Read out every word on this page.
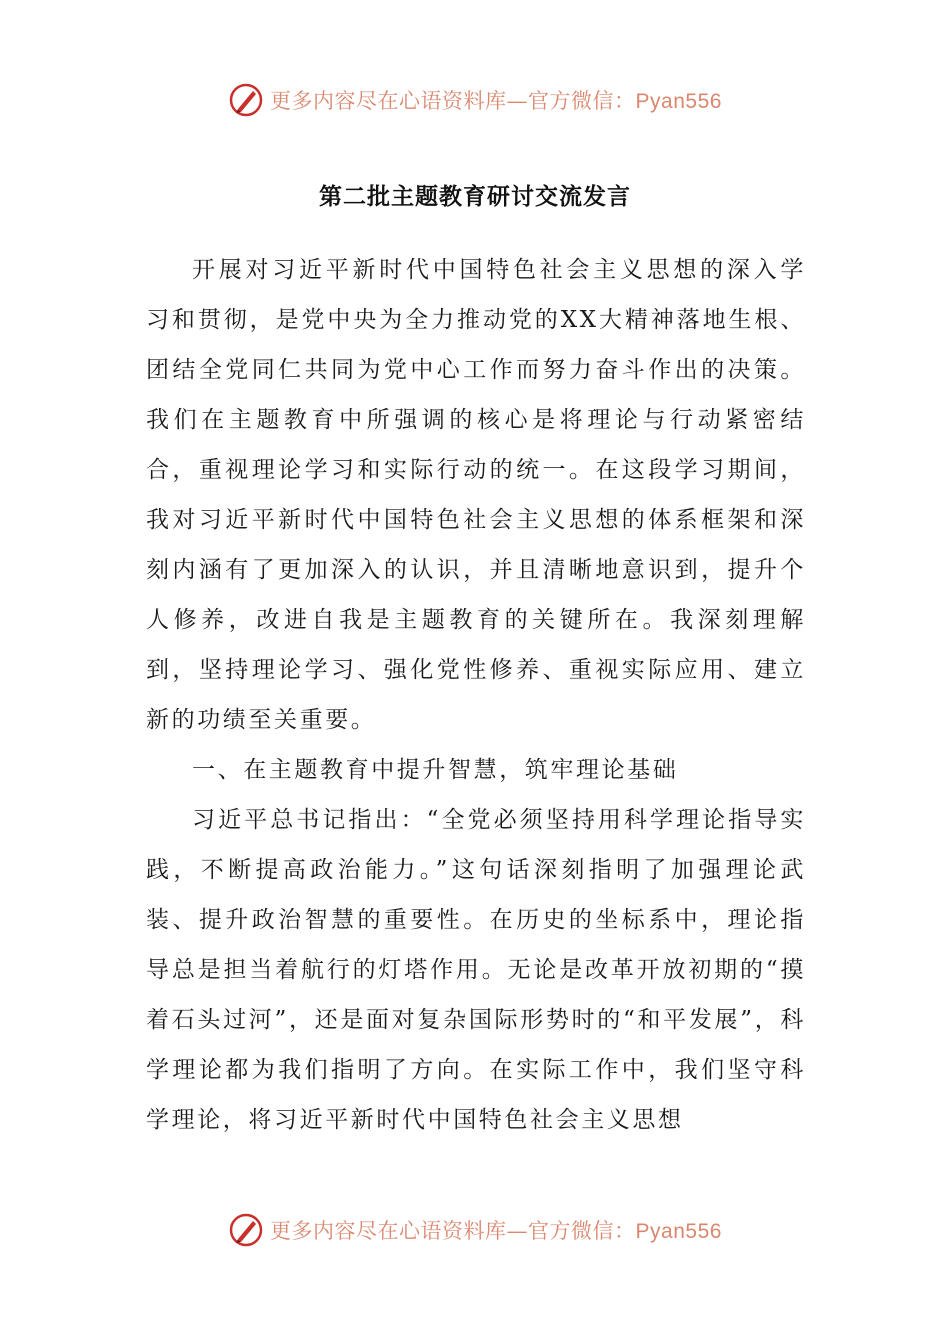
更多内容尽在心语资料库—官方微信：Pyan556
第二批主题教育研讨交流发言

开展对习近平新时代中国特色社会主义思想的深入学习和贯彻，是党中央为全力推动党的XX大精神落地生根、团结全党同仁共同为党中心工作而努力奋斗作出的决策。我们在主题教育中所强调的核心是将理论与行动紧密结合，重视理论学习和实际行动的统一。在这段学习期间，我对习近平新时代中国特色社会主义思想的体系框架和深刻内涵有了更加深入的认识，并且清晰地意识到，提升个人修养，改进自我是主题教育的关键所在。我深刻理解到，坚持理论学习、强化党性修养、重视实际应用、建立新的功绩至关重要。

一、在主题教育中提升智慧，筑牢理论基础

习近平总书记指出：“全党必须坚持用科学理论指导实践，不断提高政治能力。”这句话深刻指明了加强理论武装、提升政治智慧的重要性。在历史的坐标系中，理论指导总是担当着航行的灯塔作用。无论是改革开放初期的“摸着石头过河”，还是面对复杂国际形势时的“和平发展”，科学理论都为我们指明了方向。在实际工作中，我们坚守科学理论，将习近平新时代中国特色社会主义思想

更多内容尽在心语资料库—官方微信：Pyan556
